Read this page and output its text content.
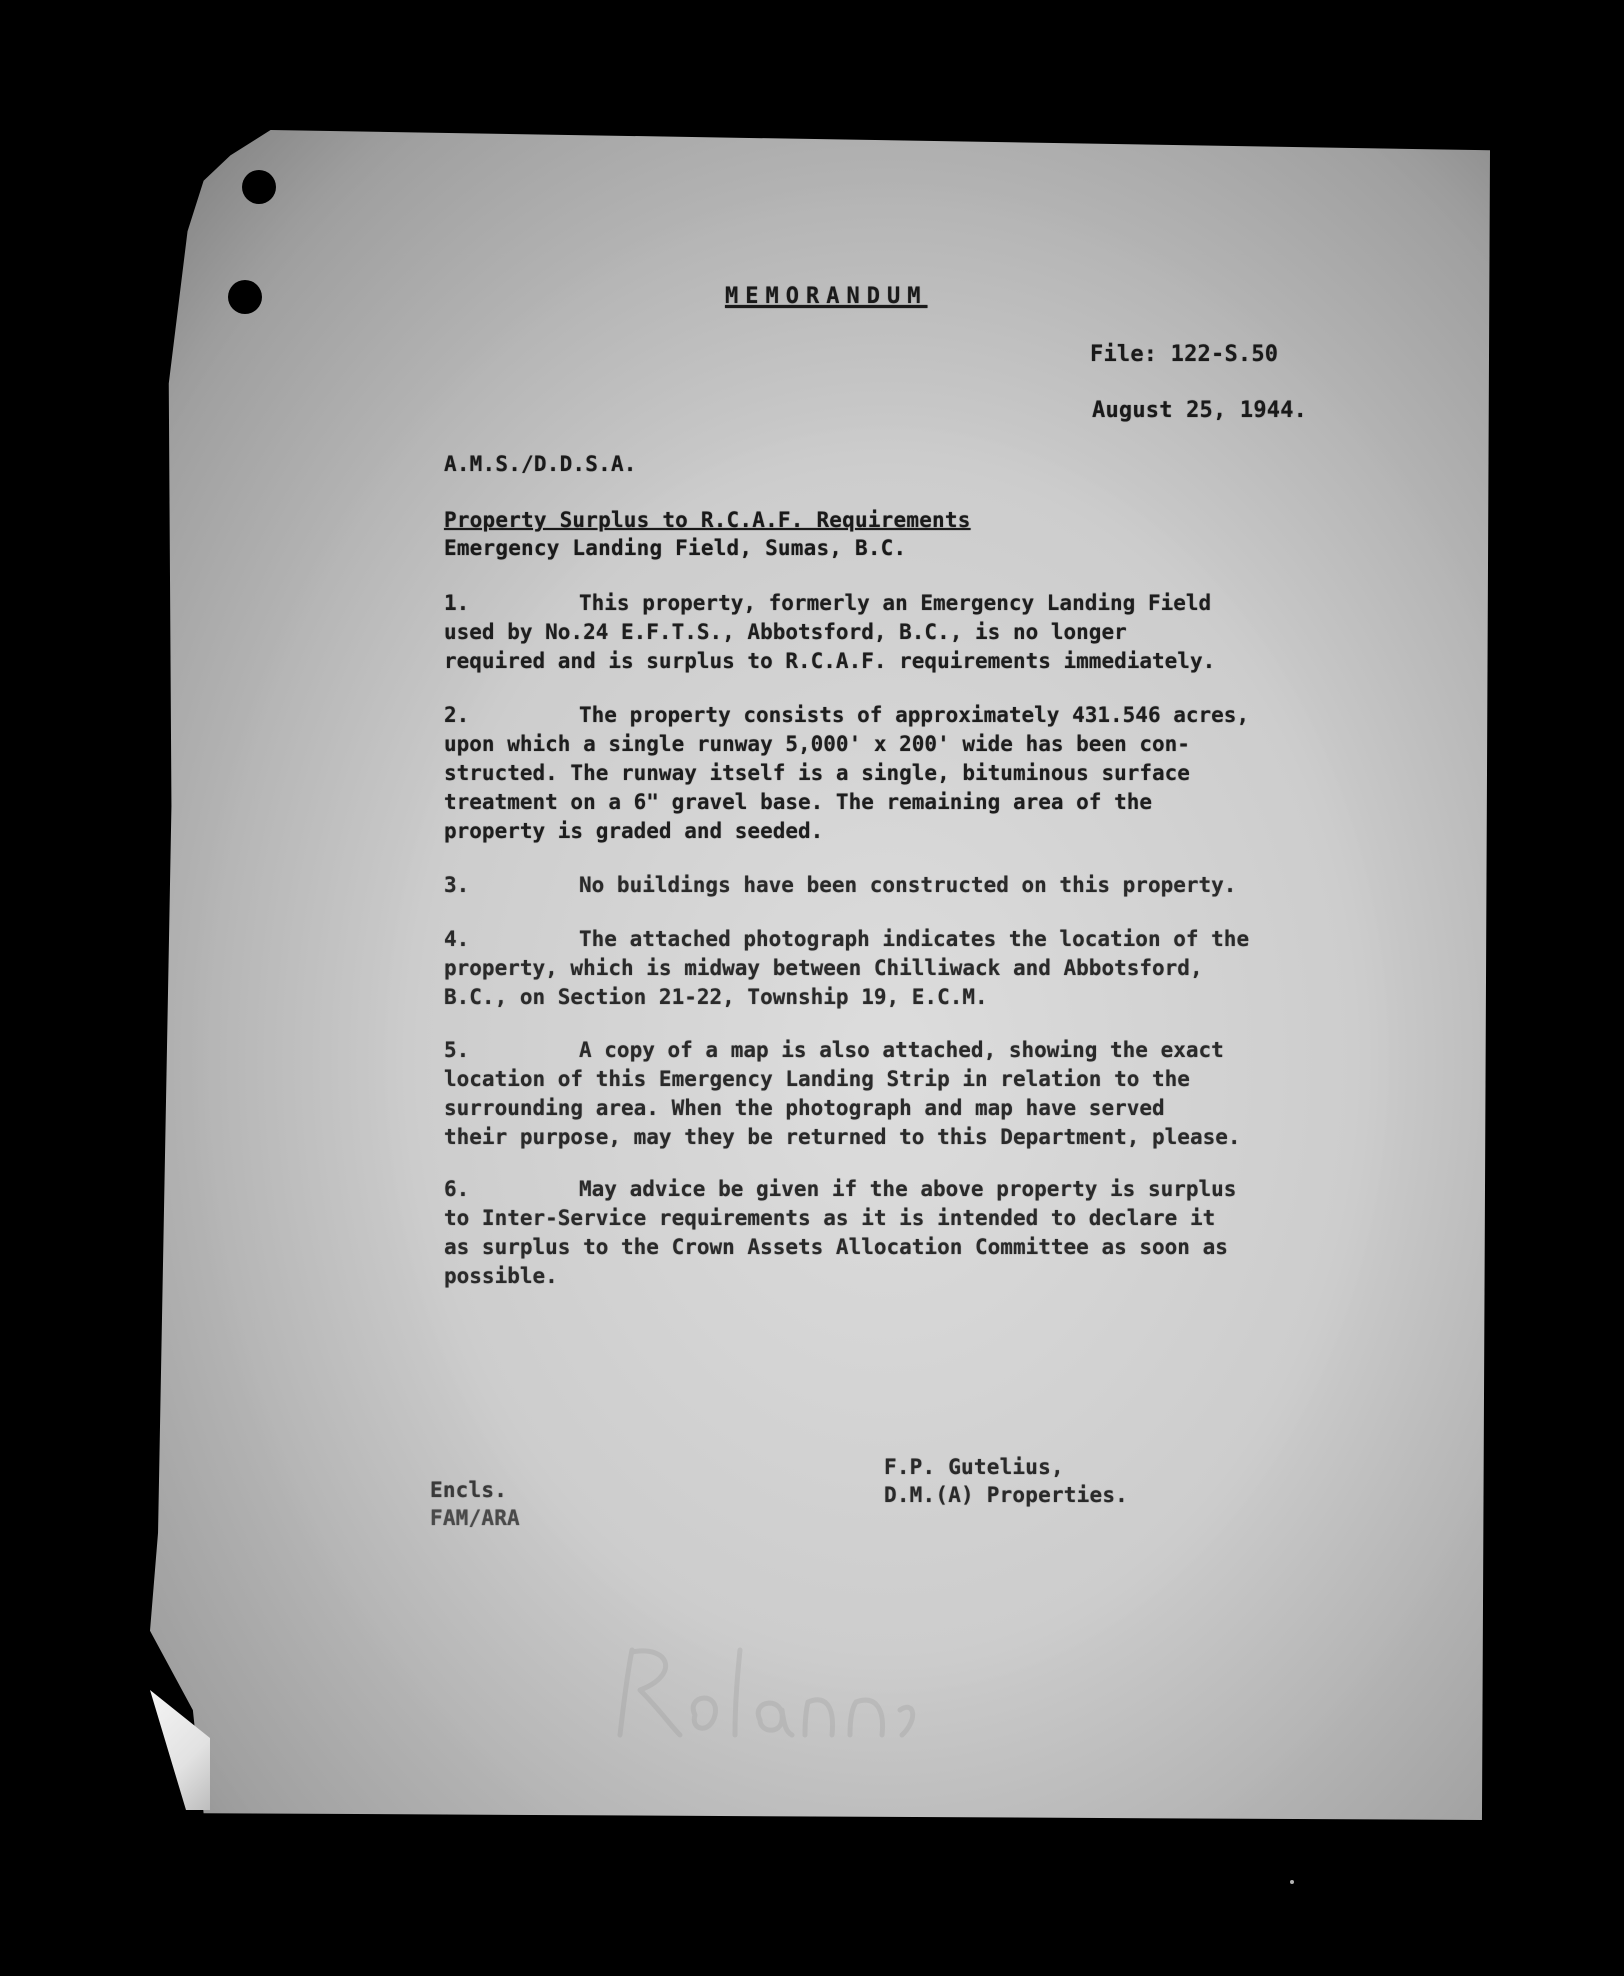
MEMORANDUM
File: 122-S.50
August 25, 1944.
A.M.S./D.D.S.A.
Property Surplus to R.C.A.F. Requirements
Emergency Landing Field, Sumas, B.C.
1.	This property, formerly an Emergency Landing Field
used by No.24 E.F.T.S., Abbotsford, B.C., is no longer
required and is surplus to R.C.A.F. requirements immediately.
2.	The property consists of approximately 431.546 acres,
upon which a single runway 5,000' x 200' wide has been con-
structed. The runway itself is a single, bituminous surface
treatment on a 6" gravel base. The remaining area of the
property is graded and seeded.
3.	No buildings have been constructed on this property.
4.	The attached photograph indicates the location of the
property, which is midway between Chilliwack and Abbotsford,
B.C., on Section 21-22, Township 19, E.C.M.
5.	A copy of a map is also attached, showing the exact
location of this Emergency Landing Strip in relation to the
surrounding area. When the photograph and map have served
their purpose, may they be returned to this Department, please.
6.	May advice be given if the above property is surplus
to Inter-Service requirements as it is intended to declare it
as surplus to the Crown Assets Allocation Committee as soon as
possible.
Encls.
FAM/ARA
F.P. Gutelius,
D.M.(A) Properties.
Roland
